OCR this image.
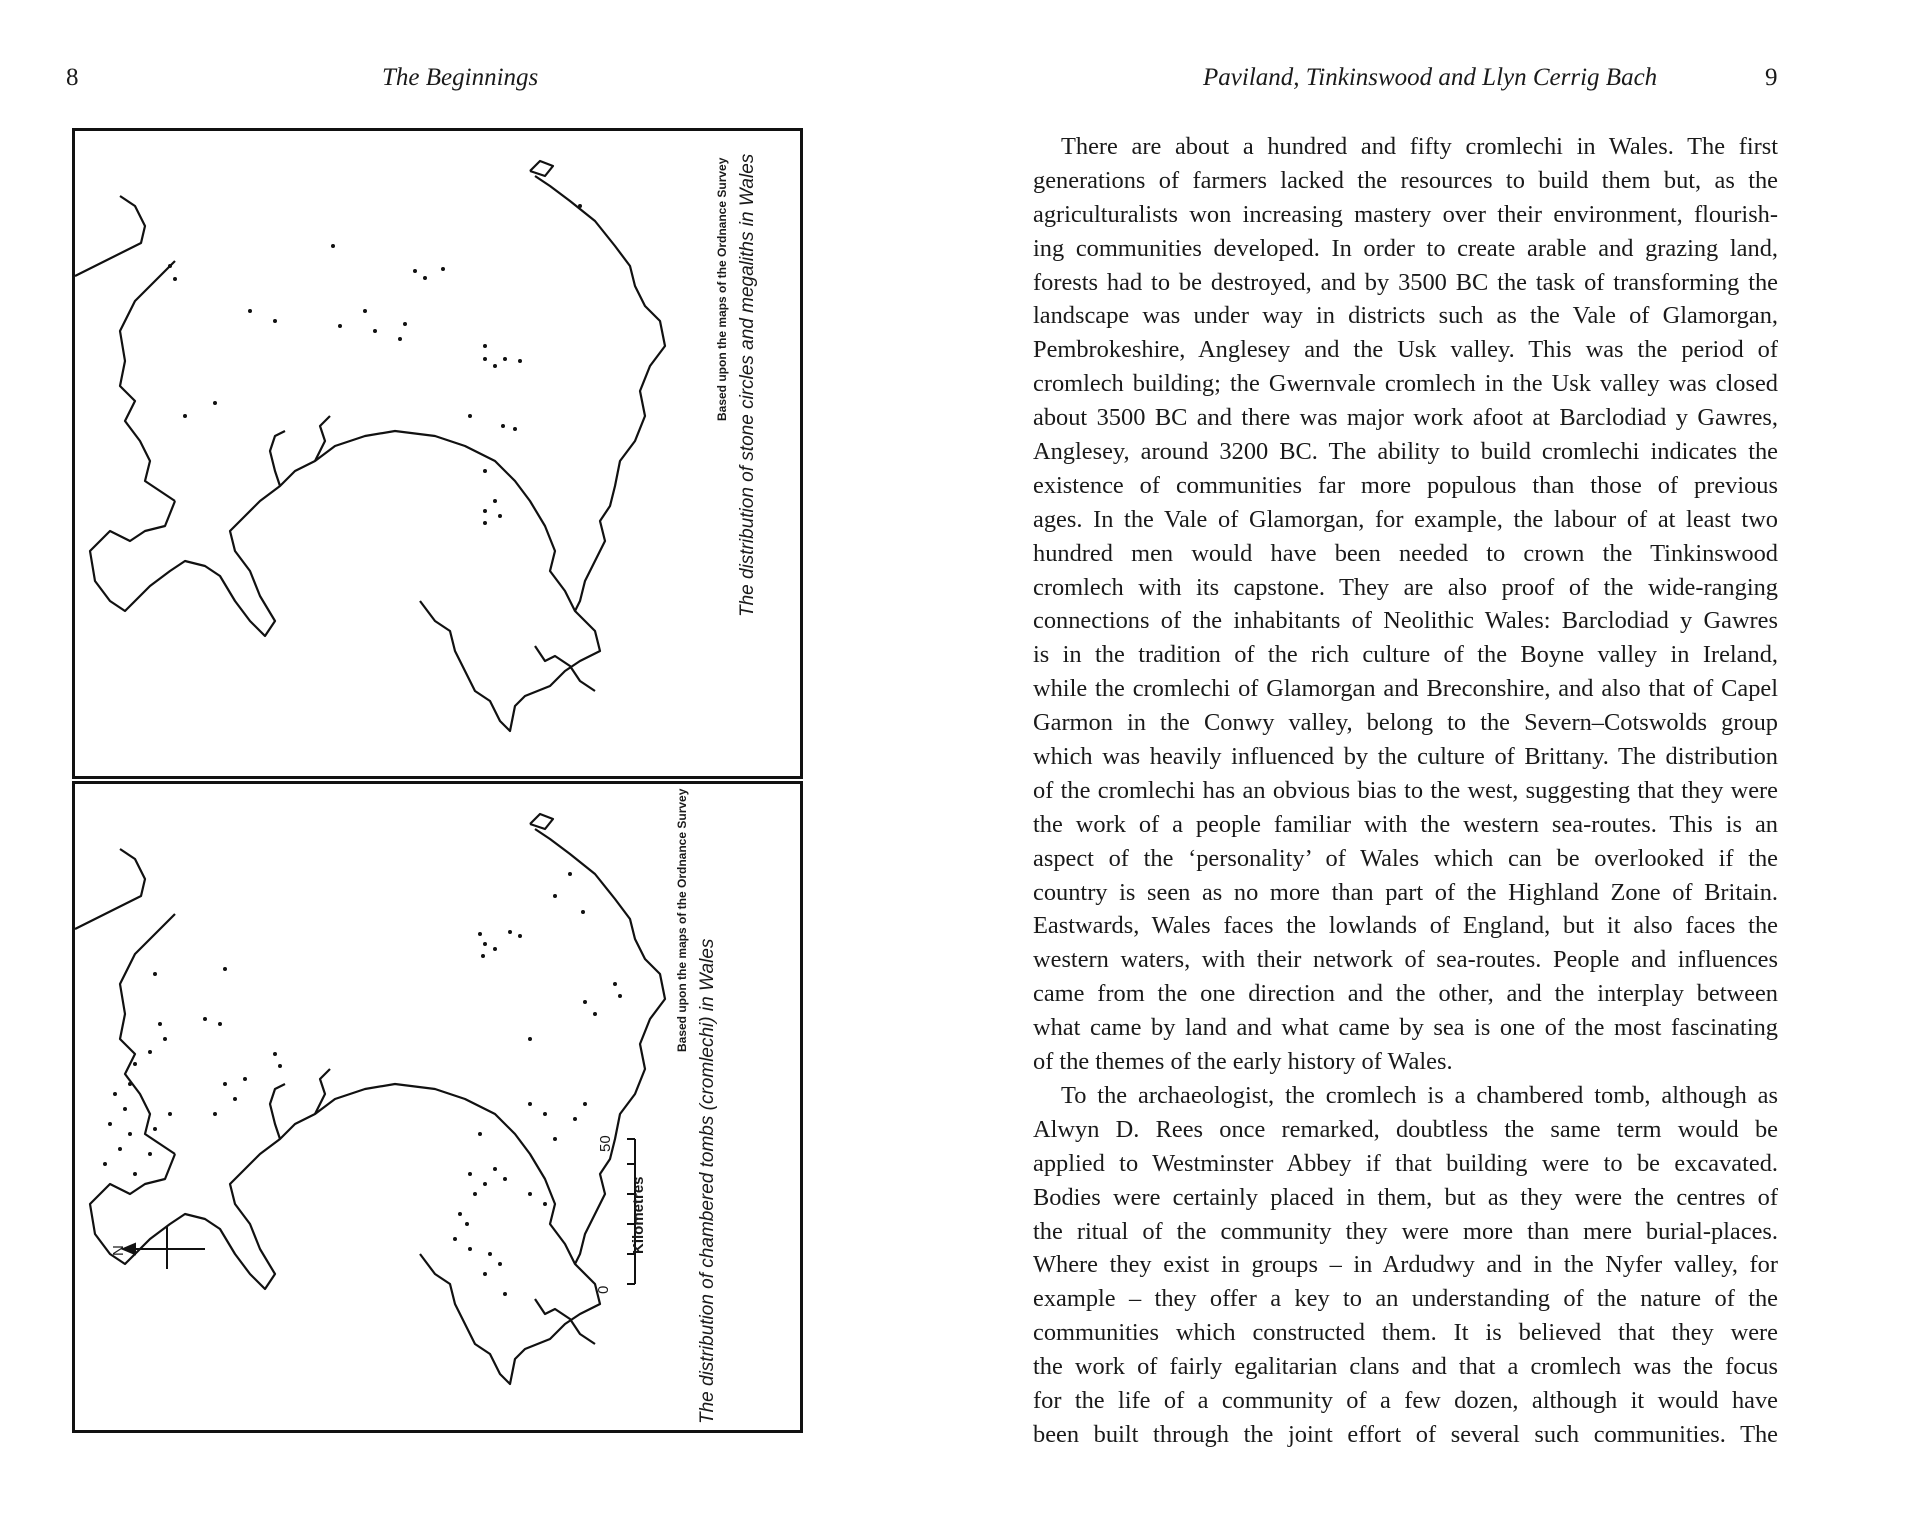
8	The Beginnings
The distribution of stone circles and megaliths in Wales
Based upon the maps of the Ordnance Survey
The distribution of chambered tombs (cromlechi) in Wales
Based upon the maps of the Ordnance Survey
0
50
Kilometres
N
Paviland, Tinkinswood and Llyn Cerrig Bach	9
There are about a hundred and fifty cromlechi in Wales. The first
generations of farmers lacked the resources to build them but, as the
agriculturalists won increasing mastery over their environment, flourish-
ing communities developed. In order to create arable and grazing land,
forests had to be destroyed, and by 3500 BC the task of transforming the
landscape was under way in districts such as the Vale of Glamorgan,
Pembrokeshire, Anglesey and the Usk valley. This was the period of
cromlech building; the Gwernvale cromlech in the Usk valley was closed
about 3500 BC and there was major work afoot at Barclodiad y Gawres,
Anglesey, around 3200 BC. The ability to build cromlechi indicates the
existence of communities far more populous than those of previous
ages. In the Vale of Glamorgan, for example, the labour of at least two
hundred men would have been needed to crown the Tinkinswood
cromlech with its capstone. They are also proof of the wide-ranging
connections of the inhabitants of Neolithic Wales: Barclodiad y Gawres
is in the tradition of the rich culture of the Boyne valley in Ireland,
while the cromlechi of Glamorgan and Breconshire, and also that of Capel
Garmon in the Conwy valley, belong to the Severn–Cotswolds group
which was heavily influenced by the culture of Brittany. The distribution
of the cromlechi has an obvious bias to the west, suggesting that they were
the work of a people familiar with the western sea-routes. This is an
aspect of the ‘personality’ of Wales which can be overlooked if the
country is seen as no more than part of the Highland Zone of Britain.
Eastwards, Wales faces the lowlands of England, but it also faces the
western waters, with their network of sea-routes. People and influences
came from the one direction and the other, and the interplay between
what came by land and what came by sea is one of the most fascinating
of the themes of the early history of Wales.
To the archaeologist, the cromlech is a chambered tomb, although as
Alwyn D. Rees once remarked, doubtless the same term would be
applied to Westminster Abbey if that building were to be excavated.
Bodies were certainly placed in them, but as they were the centres of
the ritual of the community they were more than mere burial-places.
Where they exist in groups – in Ardudwy and in the Nyfer valley, for
example – they offer a key to an understanding of the nature of the
communities which constructed them. It is believed that they were
the work of fairly egalitarian clans and that a cromlech was the focus
for the life of a community of a few dozen, although it would have
been built through the joint effort of several such communities. The
